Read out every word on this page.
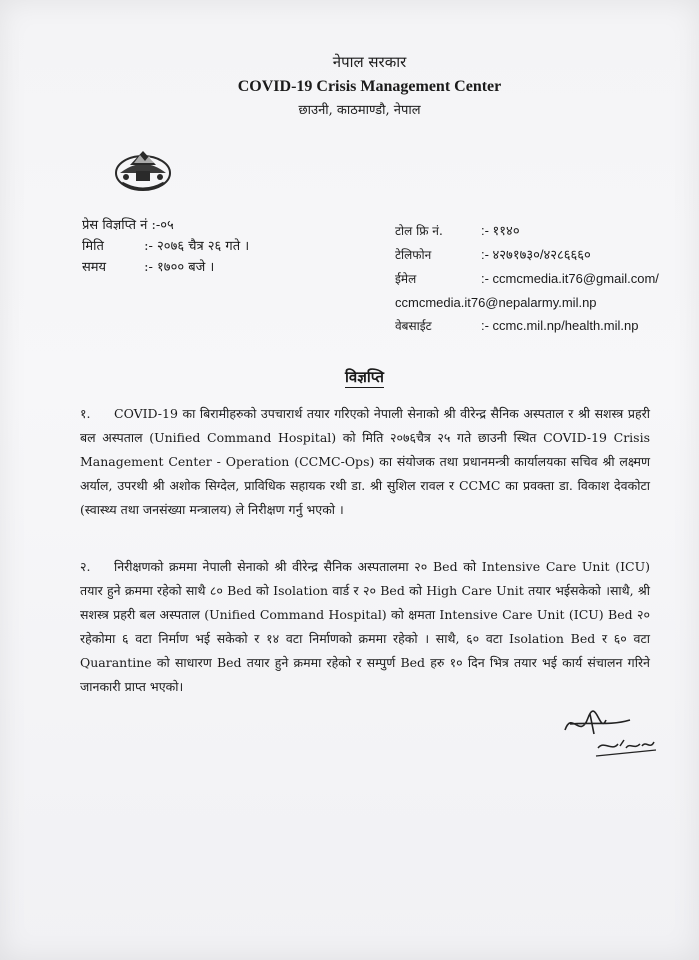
नेपाल सरकार
COVID-19 Crisis Management Center
छाउनी, काठमाण्डौ, नेपाल
प्रेस विज्ञप्ति नं :-०५
मिति	:- २०७६ चैत्र २६ गते ।
समय	:- १७०० बजे ।
टोल फ्रि नं.	:- ११४०
टेलिफोन	:- ४२७१७३०/४२८६६६०
ईमेल	:- ccmcmedia.it76@gmail.com/
ccmcmedia.it76@nepalarmy.mil.np
वेबसाईट	:- ccmc.mil.np/health.mil.np
विज्ञप्ति
१. COVID-19 का बिरामीहरुको उपचारार्थ तयार गरिएको नेपाली सेनाको श्री वीरेन्द्र सैनिक अस्पताल र श्री सशस्त्र प्रहरी बल अस्पताल (Unified Command Hospital) को मिति २०७६चैत्र २५ गते छाउनी स्थित COVID-19 Crisis Management Center - Operation (CCMC-Ops) का संयोजक तथा प्रधानमन्त्री कार्यालयका सचिव श्री लक्ष्मण अर्याल, उपरथी श्री अशोक सिग्देल, प्राविधिक सहायक रथी डा. श्री सुशिल रावल र CCMC का प्रवक्ता डा. विकाश देवकोटा (स्वास्थ्य तथा जनसंख्या मन्त्रालय) ले निरीक्षण गर्नु भएको ।
२. निरीक्षणको क्रममा नेपाली सेनाको श्री वीरेन्द्र सैनिक अस्पतालमा २० Bed को Intensive Care Unit (ICU) तयार हुने क्रममा रहेको साथै ८० Bed को Isolation वार्ड र २० Bed को High Care Unit तयार भईसकेको ।साथै, श्री सशस्त्र प्रहरी बल अस्पताल (Unified Command Hospital) को क्षमता Intensive Care Unit (ICU) Bed २० रहेकोमा ६ वटा निर्माण भई सकेको र १४ वटा निर्माणको क्रममा रहेको । साथै, ६० वटा Isolation Bed र ६० वटा Quarantine को साधारण Bed तयार हुने क्रममा रहेको र सम्पुर्ण Bed हरु १० दिन भित्र तयार भई कार्य संचालन गरिने जानकारी प्राप्त भएको।
